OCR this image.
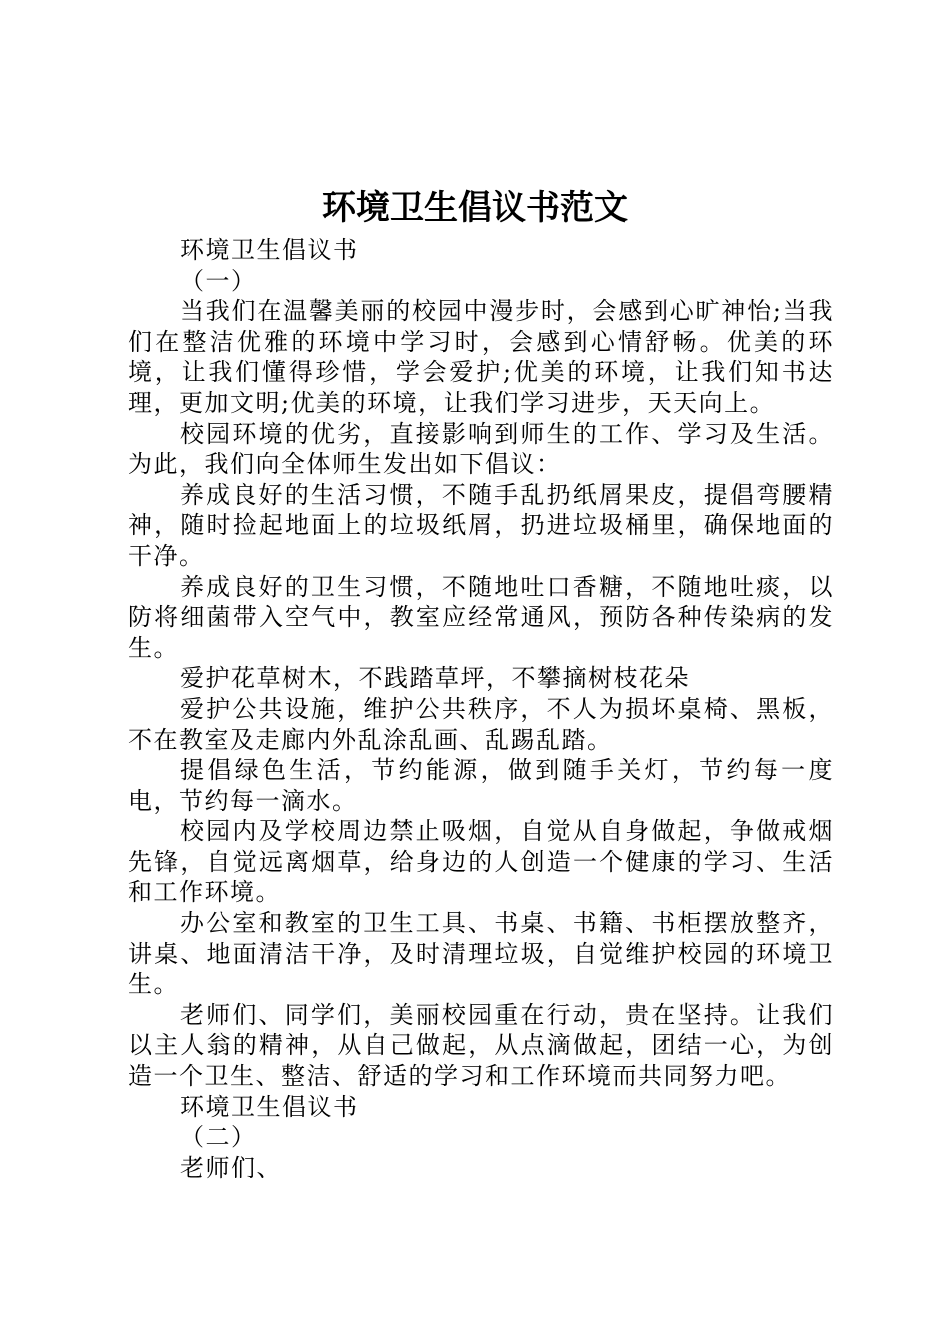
环境卫生倡议书范文

环境卫生倡议书

（一）

当我们在温馨美丽的校园中漫步时，会感到心旷神怡;当我们在整洁优雅的环境中学习时，会感到心情舒畅。优美的环境，让我们懂得珍惜，学会爱护;优美的环境，让我们知书达理，更加文明;优美的环境，让我们学习进步，天天向上。

校园环境的优劣，直接影响到师生的工作、学习及生活。为此，我们向全体师生发出如下倡议：

养成良好的生活习惯，不随手乱扔纸屑果皮，提倡弯腰精神，随时捡起地面上的垃圾纸屑，扔进垃圾桶里，确保地面的干净。

养成良好的卫生习惯，不随地吐口香糖，不随地吐痰，以防将细菌带入空气中，教室应经常通风，预防各种传染病的发生。

爱护花草树木，不践踏草坪，不攀摘树枝花朵

爱护公共设施，维护公共秩序，不人为损坏桌椅、黑板，不在教室及走廊内外乱涂乱画、乱踢乱踏。

提倡绿色生活，节约能源，做到随手关灯，节约每一度电，节约每一滴水。

校园内及学校周边禁止吸烟，自觉从自身做起，争做戒烟先锋，自觉远离烟草，给身边的人创造一个健康的学习、生活和工作环境。

办公室和教室的卫生工具、书桌、书籍、书柜摆放整齐，讲桌、地面清洁干净，及时清理垃圾，自觉维护校园的环境卫生。

老师们、同学们，美丽校园重在行动，贵在坚持。让我们以主人翁的精神，从自己做起，从点滴做起，团结一心，为创造一个卫生、整洁、舒适的学习和工作环境而共同努力吧。

环境卫生倡议书

（二）

老师们、
